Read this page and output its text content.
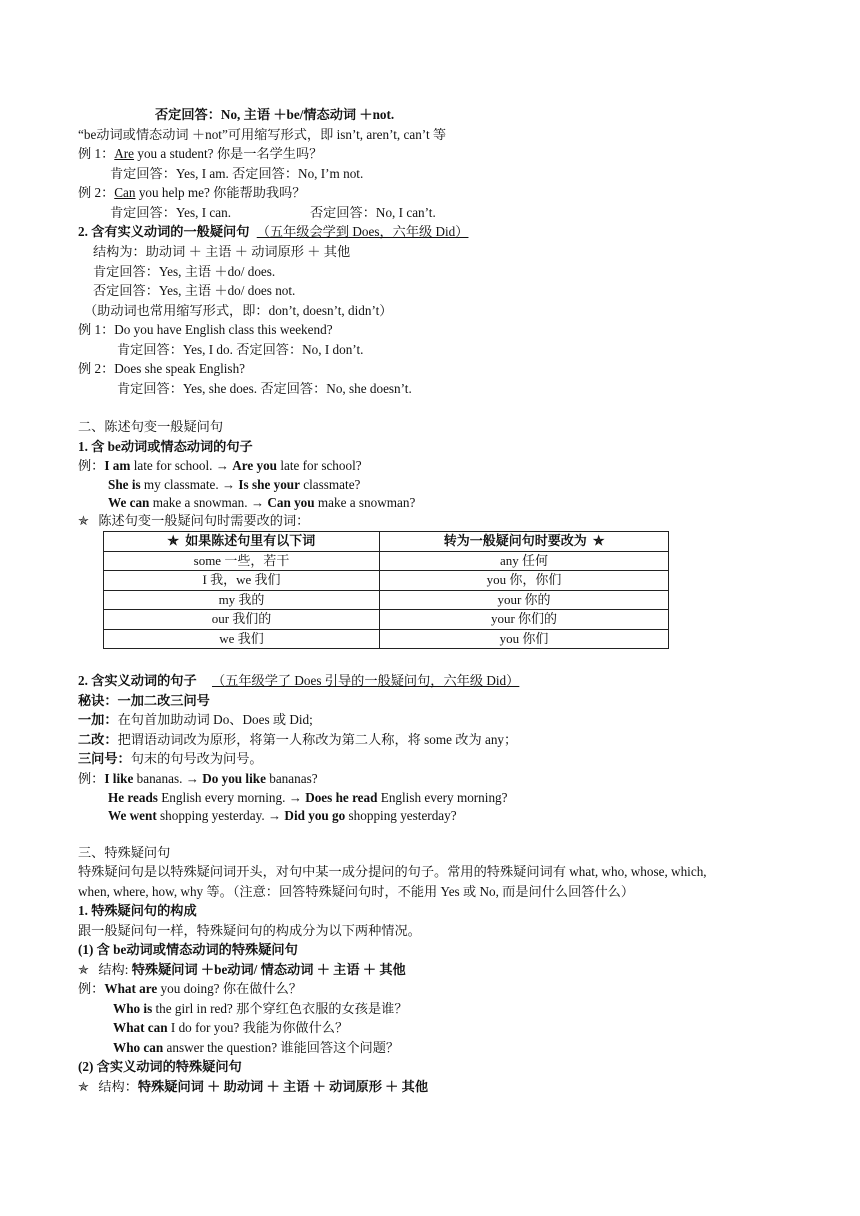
否定回答：No, 主语 ＋be/情态动词 ＋not.
“be动词或情态动词 ＋not”可用缩写形式，即 isn’t, aren’t, can’t 等
例 1：Are you a student? 你是一名学生吗？
肯定回答：Yes, I am. 否定回答：No, I’m not.
例 2：Can you help me? 你能帮助我吗？
肯定回答：Yes, I can.	否定回答：No, I can’t.
2. 含有实义动词的一般疑问句 （五年级会学到 Does，六年级 Did）
结构为：助动词 ＋ 主语 ＋ 动词原形 ＋ 其他
肯定回答：Yes, 主语 ＋do/ does.
否定回答：Yes, 主语 ＋do/ does not.
（助动词也常用缩写形式，即：don’t, doesn’t, didn’t）
例 1：Do you have English class this weekend?
肯定回答：Yes, I do. 否定回答：No, I don’t.
例 2：Does she speak English?
肯定回答：Yes, she does. 否定回答：No, she doesn’t.
二、陈述句变一般疑问句
1. 含 be动词或情态动词的句子
例：I am late for school. → Are you late for school?
She is my classmate. → Is she your classmate?
We can make a snowman. → Can you make a snowman?
✯ 陈述句变一般疑问句时需要改的词：
✯ 如果陈述句里有以下词	转为一般疑问句时要改为 ✯
some 一些，若干	any 任何
I 我，we 我们	you 你，你们
my 我的	your 你的
our 我们的	your 你们的
we 我们	you 你们
2. 含实义动词的句子 （五年级学了 Does 引导的一般疑问句，六年级 Did）
秘诀：一加二改三问号
一加：在句首加助动词 Do、Does 或 Did;
二改：把谓语动词改为原形，将第一人称改为第二人称，将 some 改为 any；
三问号：句末的句号改为问号。
例：I like bananas. → Do you like bananas?
He reads English every morning. → Does he read English every morning?
We went shopping yesterday. → Did you go shopping yesterday?
三、特殊疑问句
特殊疑问句是以特殊疑问词开头，对句中某一成分提问的句子。常用的特殊疑问词有 what, who, whose, which,
when, where, how, why 等。（注意：回答特殊疑问句时，不能用 Yes 或 No, 而是问什么回答什么）
1. 特殊疑问句的构成
跟一般疑问句一样，特殊疑问句的构成分为以下两种情况。
(1) 含 be动词或情态动词的特殊疑问句
✯ 结构: 特殊疑问词 ＋be动词/ 情态动词 ＋ 主语 ＋ 其他
例：What are you doing? 你在做什么？
Who is the girl in red? 那个穿红色衣服的女孩是谁？
What can I do for you? 我能为你做什么？
Who can answer the question? 谁能回答这个问题？
(2) 含实义动词的特殊疑问句
✯ 结构：特殊疑问词 ＋ 助动词 ＋ 主语 ＋ 动词原形 ＋ 其他
